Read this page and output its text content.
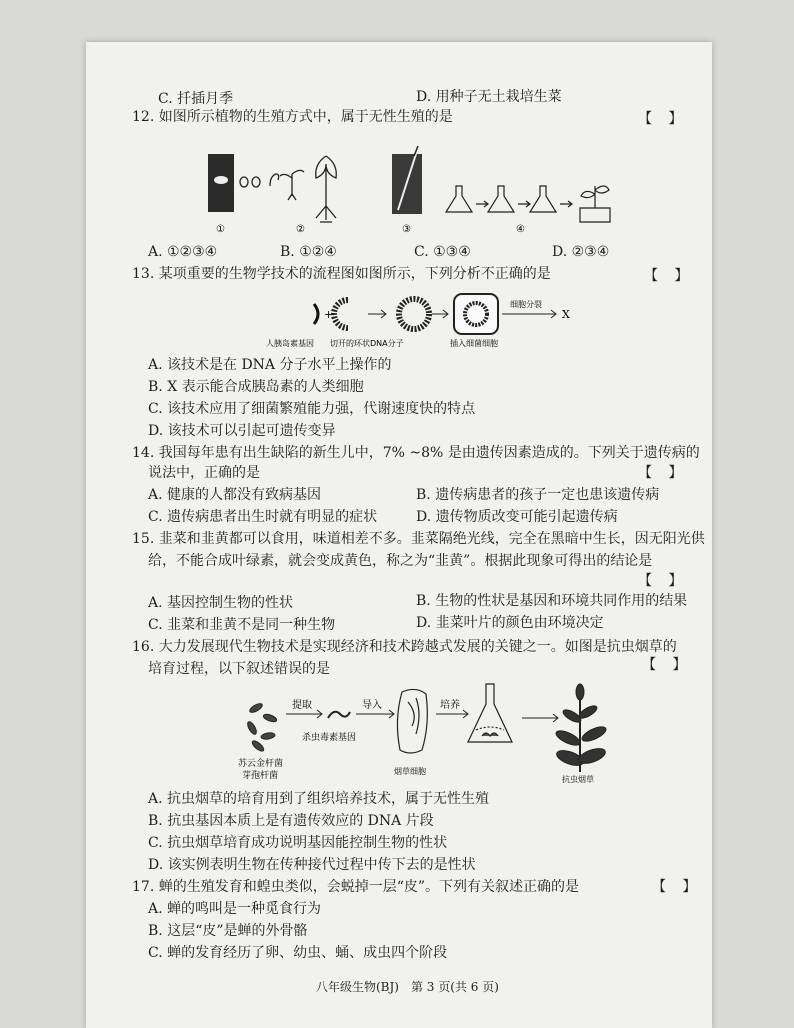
C. 扦插月季	D. 用种子无土栽培生菜
12. 如图所示植物的生殖方式中，属于无性生殖的是	【 】
①	②	③	④
A. ①②③④	B. ①②④	C. ①③④	D. ②③④
13. 某项重要的生物学技术的流程图如图所示，下列分析不正确的是	【 】
+
细胞分裂
X
人胰岛素基因 切开的环状DNA分子	插入细菌细胞
A. 该技术是在 DNA 分子水平上操作的
B. X 表示能合成胰岛素的人类细胞
C. 该技术应用了细菌繁殖能力强，代谢速度快的特点
D. 该技术可以引起可遗传变异
14. 我国每年患有出生缺陷的新生儿中，7% ~8% 是由遗传因素造成的。下列关于遗传病的
说法中，正确的是	【 】
A. 健康的人都没有致病基因	B. 遗传病患者的孩子一定也患该遗传病
C. 遗传病患者出生时就有明显的症状	D. 遗传物质改变可能引起遗传病
15. 韭菜和韭黄都可以食用，味道相差不多。韭菜隔绝光线，完全在黑暗中生长，因无阳光供
给，不能合成叶绿素，就会变成黄色，称之为“韭黄”。根据此现象可得出的结论是
【 】
A. 基因控制生物的性状	B. 生物的性状是基因和环境共同作用的结果
C. 韭菜和韭黄不是同一种生物	D. 韭菜叶片的颜色由环境决定
16. 大力发展现代生物技术是实现经济和技术跨越式发展的关键之一。如图是抗虫烟草的
培育过程，以下叙述错误的是	【 】
提取
杀虫毒素基因
导入
烟草细胞
培养
抗虫烟草
苏云金杆菌
芽孢杆菌
A. 抗虫烟草的培育用到了组织培养技术，属于无性生殖
B. 抗虫基因本质上是有遗传效应的 DNA 片段
C. 抗虫烟草培育成功说明基因能控制生物的性状
D. 该实例表明生物在传种接代过程中传下去的是性状
17. 蝉的生殖发育和蝗虫类似，会蜕掉一层“皮”。下列有关叙述正确的是	【 】
A. 蝉的鸣叫是一种觅食行为
B. 这层“皮”是蝉的外骨骼
C. 蝉的发育经历了卵、幼虫、蛹、成虫四个阶段
八年级生物(BJ)　第 3 页(共 6 页)
